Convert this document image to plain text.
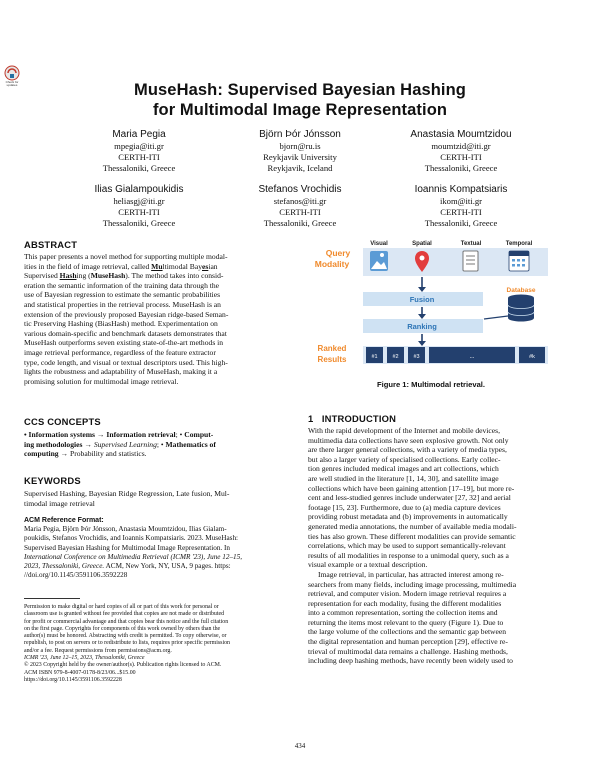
Check for updates	MuseHash: Supervised Bayesian Hashing
for Multimodal Image Representation
Maria Pegia
mpegia@iti.gr
CERTH-ITI
Thessaloniki, Greece
Björn Þór Jónsson
bjorn@ru.is
Reykjavik University
Reykjavik, Iceland
Anastasia Moumtzidou
moumtzid@iti.gr
CERTH-ITI
Thessaloniki, Greece
Ilias Gialampoukidis
heliasgj@iti.gr
CERTH-ITI
Thessaloniki, Greece
Stefanos Vrochidis
stefanos@iti.gr
CERTH-ITI
Thessaloniki, Greece
Ioannis Kompatsiaris
ikom@iti.gr
CERTH-ITI
Thessaloniki, Greece
ABSTRACT

This paper presents a novel method for supporting multiple modal-

ities in the field of image retrieval, called Multimodal Bayesian

Supervised Hashing (MuseHash). The method takes into consid-

eration the semantic information of the training data through the

use of Bayesian regression to estimate the semantic probabilities

and statistical properties in the retrieval process. MuseHash is an

extension of the previously proposed Bayesian ridge-based Seman-

tic Preserving Hashing (BiasHash) method. Experimentation on

various domain-specific and benchmark datasets demonstrates that

MuseHash outperforms seven existing state-of-the-art methods in

image retrieval performance, regardless of the feature extractor

type, code length, and visual or textual descriptors used. This high-

lights the robustness and adaptability of MuseHash, making it a

promising solution for multimodal image retrieval.

CCS CONCEPTS

• Information systems → Information retrieval; • Comput-

ing methodologies → Supervised Learning; • Mathematics of

computing → Probability and statistics.

KEYWORDS

Supervised Hashing, Bayesian Ridge Regression, Late fusion, Mul-

timodal image retrieval

ACM Reference Format:

Maria Pegia, Björn Þór Jónsson, Anastasia Moumtzidou, Ilias Gialam-

poukidis, Stefanos Vrochidis, and Ioannis Kompatsiaris. 2023. MuseHash:

Supervised Bayesian Hashing for Multimodal Image Representation. In

International Conference on Multimedia Retrieval (ICMR '23), June 12–15,

2023, Thessaloniki, Greece. ACM, New York, NY, USA, 9 pages. https:

//doi.org/10.1145/3591106.3592228

Permission to make digital or hard copies of all or part of this work for personal or
classroom use is granted without fee provided that copies are not made or distributed
for profit or commercial advantage and that copies bear this notice and the full citation
on the first page. Copyrights for components of this work owned by others than the
author(s) must be honored. Abstracting with credit is permitted. To copy otherwise, or
republish, to post on servers or to redistribute to lists, requires prior specific permission
and/or a fee. Request permissions from permissions@acm.org.
ICMR '23, June 12–15, 2023, Thessaloniki, Greece
© 2023 Copyright held by the owner/author(s). Publication rights licensed to ACM.
ACM ISBN 979-8-4007-0178-8/23/06...$15.00
https://doi.org/10.1145/3591106.3592228
Query
Modality
Visual	Spatial	Textual	Temporal
Fusion
Database
Ranking
Ranked
Results	#1	#2	#3	...	#k
Figure 1: Multimodal retrieval.
1 INTRODUCTION

With the rapid development of the Internet and mobile devices,

multimedia data collections have seen explosive growth. Not only

are there larger general collections, with a variety of media types,

but also a larger variety of specialised collections. Early collec-

tion genres included medical images and art collections, which

are well studied in the literature [1, 14, 30], and satellite image

collections which have been gaining attention [17–19], but more re-

cent and less-studied genres include underwater [27, 32] and aerial

footage [15, 23]. Furthermore, due to (a) media capture devices

providing robust metadata and (b) improvements in automatically

generated media annotations, the number of available media modali-

ties has also grown. These different modalities can provide semantic

correlations, which may be used to support semantically-relevant

results of all modalities in response to a unimodal query, such as a

visual example or a textual description.

Image retrieval, in particular, has attracted interest among re-

searchers from many fields, including image processing, multimedia

retrieval, and computer vision. Modern image retrieval requires a

representation for each modality, fusing the different modalities

into a common representation, sorting the collection items and

returning the items most relevant to the query (Figure 1). Due to

the large volume of the collections and the semantic gap between

the digital representation and human perception [29], effective re-

trieval of multimodal data remains a challenge. Hashing methods,

including deep hashing methods, have recently been widely used to

434
